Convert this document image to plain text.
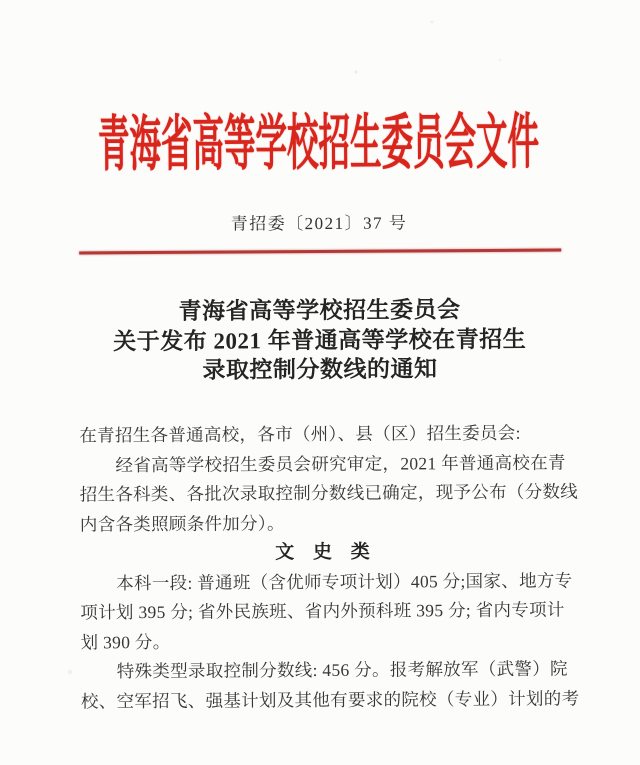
青海省高等学校招生委员会文件
青招委〔2021〕37 号
青海省高等学校招生委员会
关于发布 2021 年普通高等学校在青招生
录取控制分数线的通知
在青招生各普通高校，各市（州）、县（区）招生委员会:
经省高等学校招生委员会研究审定，2021 年普通高校在青
招生各科类、各批次录取控制分数线已确定，现予公布（分数线
内含各类照顾条件加分）。
文 史 类
本科一段: 普通班（含优师专项计划）405 分;国家、地方专
项计划 395 分; 省外民族班、省内外预科班 395 分; 省内专项计
划 390 分。
特殊类型录取控制分数线: 456 分。报考解放军（武警）院
校、空军招飞、强基计划及其他有要求的院校（专业）计划的考
